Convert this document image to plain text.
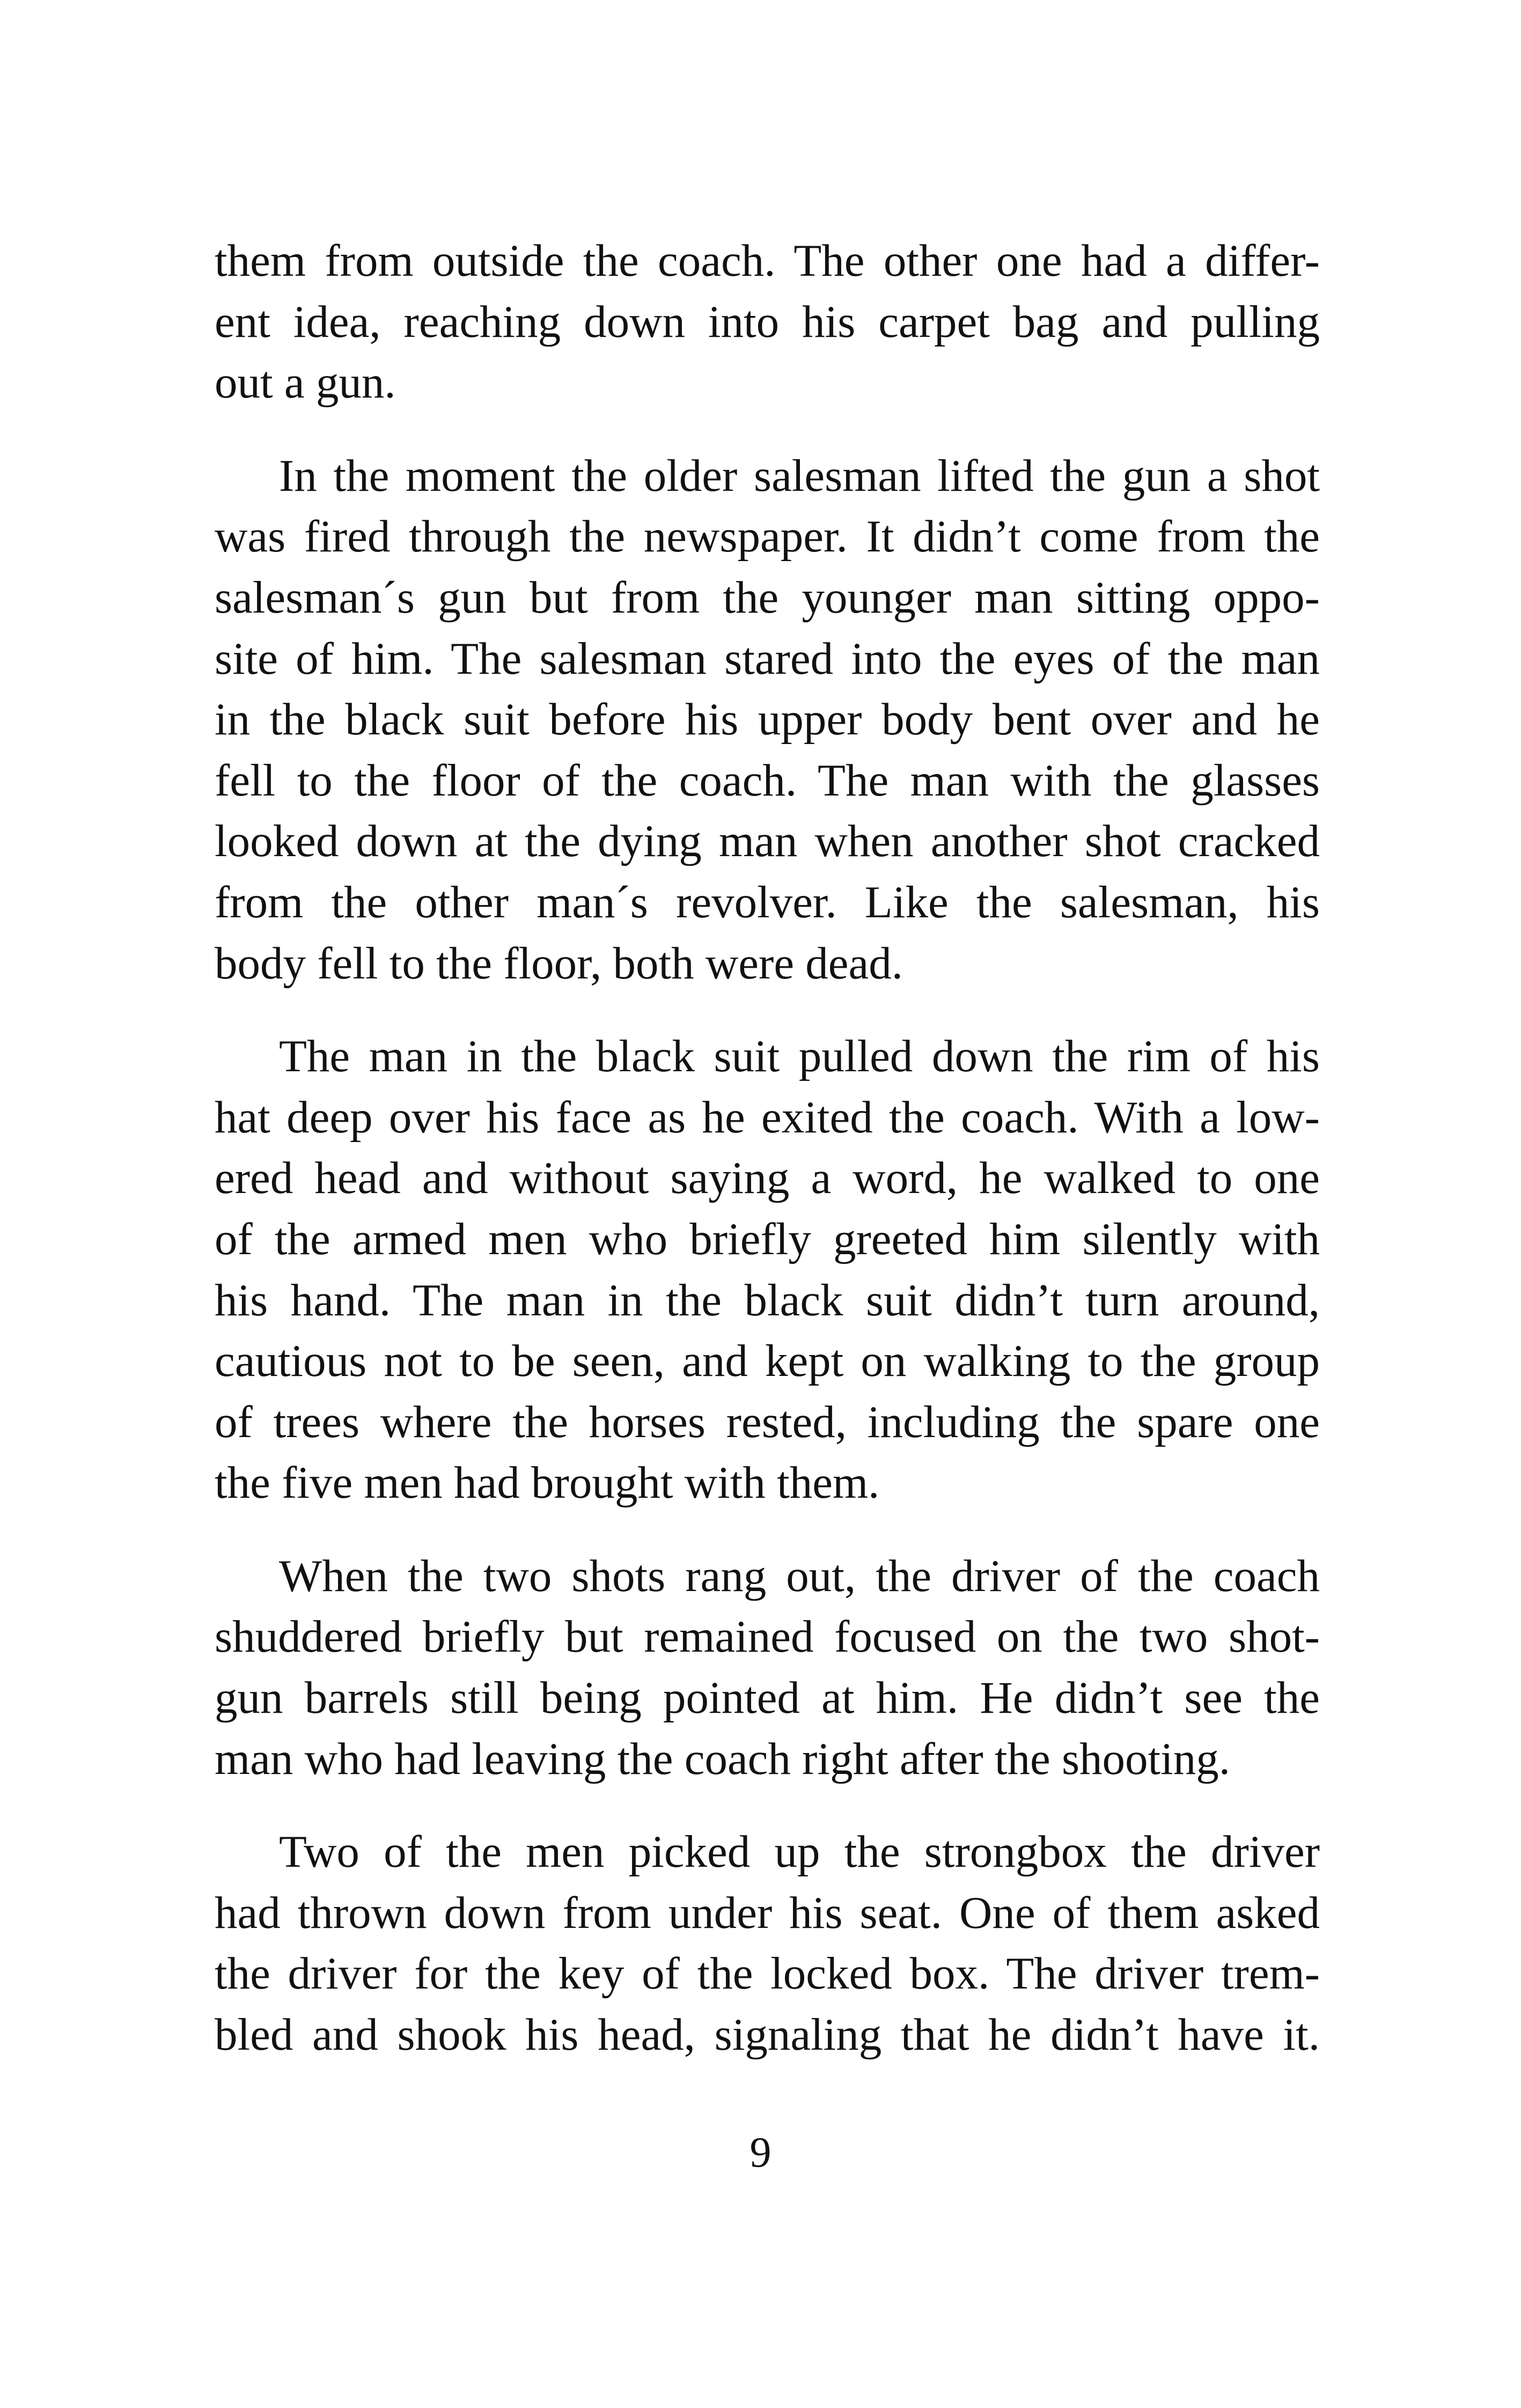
them from outside the coach. The other one had a differ-
ent idea, reaching down into his carpet bag and pulling
out a gun.

In the moment the older salesman lifted the gun a shot
was fired through the newspaper. It didn’t come from the
salesman´s gun but from the younger man sitting oppo-
site of him. The salesman stared into the eyes of the man
in the black suit before his upper body bent over and he
fell to the floor of the coach. The man with the glasses
looked down at the dying man when another shot cracked
from the other man´s revolver. Like the salesman, his
body fell to the floor, both were dead.

The man in the black suit pulled down the rim of his
hat deep over his face as he exited the coach. With a low-
ered head and without saying a word, he walked to one
of the armed men who briefly greeted him silently with
his hand. The man in the black suit didn’t turn around,
cautious not to be seen, and kept on walking to the group
of trees where the horses rested, including the spare one
the five men had brought with them.

When the two shots rang out, the driver of the coach
shuddered briefly but remained focused on the two shot-
gun barrels still being pointed at him. He didn’t see the
man who had leaving the coach right after the shooting.

Two of the men picked up the strongbox the driver
had thrown down from under his seat. One of them asked
the driver for the key of the locked box. The driver trem-
bled and shook his head, signaling that he didn’t have it.

9
